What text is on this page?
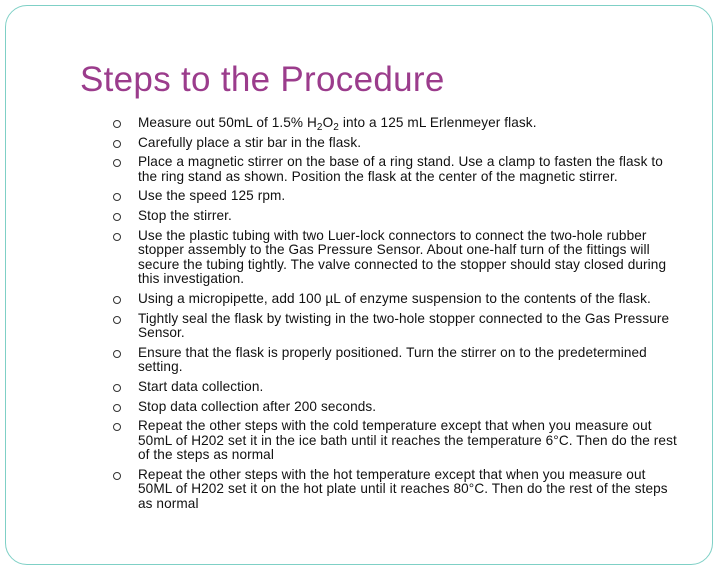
Steps to the Procedure
Measure out 50mL of 1.5% $H_2O_2$ into a 125 mL Erlenmeyer flask.
Carefully place a stir bar in the flask.
Place a magnetic stirrer on the base of a ring stand. Use a clamp to fasten the flask to the ring stand as shown. Position the flask at the center of the magnetic stirrer.
Use the speed 125 rpm.
Stop the stirrer.
Use the plastic tubing with two Luer-lock connectors to connect the two-hole rubber stopper assembly to the Gas Pressure Sensor. About one-half turn of the fittings will secure the tubing tightly. The valve connected to the stopper should stay closed during this investigation.
Using a micropipette, add 100 µL of enzyme suspension to the contents of the flask.
Tightly seal the flask by twisting in the two-hole stopper connected to the Gas Pressure Sensor.
Ensure that the flask is properly positioned. Turn the stirrer on to the predetermined setting.
Start data collection.
Stop data collection after 200 seconds.
Repeat the other steps with the cold temperature except that when you measure out 50mL of H202 set it in the ice bath until it reaches the temperature 6°C. Then do the rest of the steps as normal
Repeat the other steps with the hot temperature except that when you measure out 50ML of H202 set it on the hot plate until it reaches 80°C. Then do the rest of the steps as normal
